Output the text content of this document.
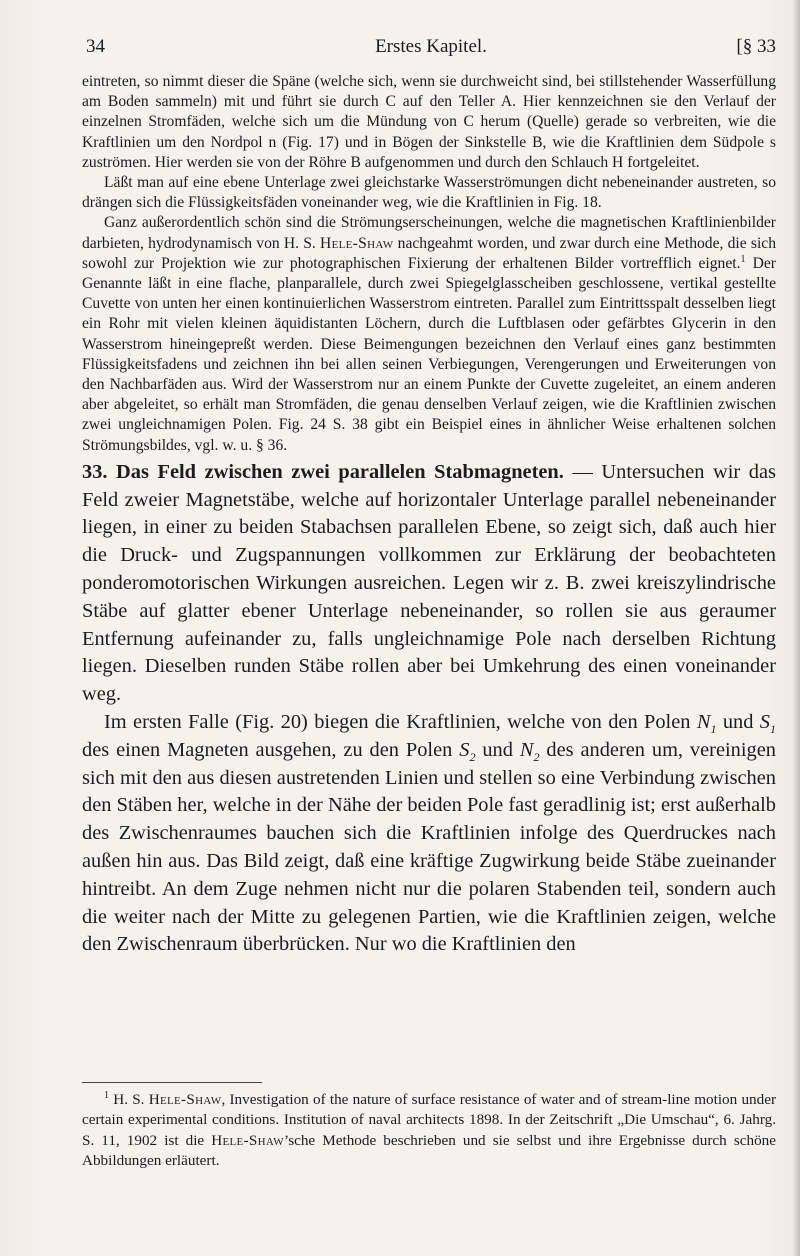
34	Erstes Kapitel.	[§ 33

eintreten, so nimmt dieser die Späne (welche sich, wenn sie durchweicht sind, bei stillstehender Wasserfüllung am Boden sammeln) mit und führt sie durch C auf den Teller A. Hier kennzeichnen sie den Verlauf der einzelnen Stromfäden, welche sich um die Mündung von C herum (Quelle) gerade so verbreiten, wie die Kraftlinien um den Nordpol n (Fig. 17) und in Bögen der Sinkstelle B, wie die Kraftlinien dem Südpole s zuströmen. Hier werden sie von der Röhre B aufgenommen und durch den Schlauch H fortgeleitet.

Läßt man auf eine ebene Unterlage zwei gleichstarke Wasserströmungen dicht nebeneinander austreten, so drängen sich die Flüssigkeitsfäden voneinander weg, wie die Kraftlinien in Fig. 18.

Ganz außerordentlich schön sind die Strömungserscheinungen, welche die magnetischen Kraftlinienbilder darbieten, hydrodynamisch von H. S. Hele-Shaw nachgeahmt worden, und zwar durch eine Methode, die sich sowohl zur Projektion wie zur photographischen Fixierung der erhaltenen Bilder vortrefflich eignet.$^1$ Der Genannte läßt in eine flache, planparallele, durch zwei Spiegelglasscheiben geschlossene, vertikal gestellte Cuvette von unten her einen kontinuierlichen Wasserstrom eintreten. Parallel zum Eintrittsspalt desselben liegt ein Rohr mit vielen kleinen äquidistanten Löchern, durch die Luftblasen oder gefärbtes Glycerin in den Wasserstrom hineingepreßt werden. Diese Beimengungen bezeichnen den Verlauf eines ganz bestimmten Flüssigkeitsfadens und zeichnen ihn bei allen seinen Verbiegungen, Verengerungen und Erweiterungen von den Nachbarfäden aus. Wird der Wasserstrom nur an einem Punkte der Cuvette zugeleitet, an einem anderen aber abgeleitet, so erhält man Stromfäden, die genau denselben Verlauf zeigen, wie die Kraftlinien zwischen zwei ungleichnamigen Polen. Fig. 24 S. 38 gibt ein Beispiel eines in ähnlicher Weise erhaltenen solchen Strömungsbildes, vgl. w. u. § 36.

33. Das Feld zwischen zwei parallelen Stabmagneten. — Untersuchen wir das Feld zweier Magnetstäbe, welche auf horizontaler Unterlage parallel nebeneinander liegen, in einer zu beiden Stabachsen parallelen Ebene, so zeigt sich, daß auch hier die Druck- und Zugspannungen vollkommen zur Erklärung der beobachteten ponderomotorischen Wirkungen ausreichen. Legen wir z. B. zwei kreiszylindrische Stäbe auf glatter ebener Unterlage nebeneinander, so rollen sie aus geraumer Entfernung aufeinander zu, falls ungleichnamige Pole nach derselben Richtung liegen. Dieselben runden Stäbe rollen aber bei Umkehrung des einen voneinander weg.

Im ersten Falle (Fig. 20) biegen die Kraftlinien, welche von den Polen $N_1$ und $S_1$ des einen Magneten ausgehen, zu den Polen $S_2$ und $N_2$ des anderen um, vereinigen sich mit den aus diesen austretenden Linien und stellen so eine Verbindung zwischen den Stäben her, welche in der Nähe der beiden Pole fast geradlinig ist; erst außerhalb des Zwischenraumes bauchen sich die Kraftlinien infolge des Querdruckes nach außen hin aus. Das Bild zeigt, daß eine kräftige Zugwirkung beide Stäbe zueinander hintreibt. An dem Zuge nehmen nicht nur die polaren Stabenden teil, sondern auch die weiter nach der Mitte zu gelegenen Partien, wie die Kraftlinien zeigen, welche den Zwischenraum überbrücken. Nur wo die Kraftlinien den

$^1$ H. S. Hele-Shaw, Investigation of the nature of surface resistance of water and of stream-line motion under certain experimental conditions. Institution of naval architects 1898. In der Zeitschrift „Die Umschau“, 6. Jahrg. S. 11, 1902 ist die Hele-Shaw’sche Methode beschrieben und sie selbst und ihre Ergebnisse durch schöne Abbildungen erläutert.
